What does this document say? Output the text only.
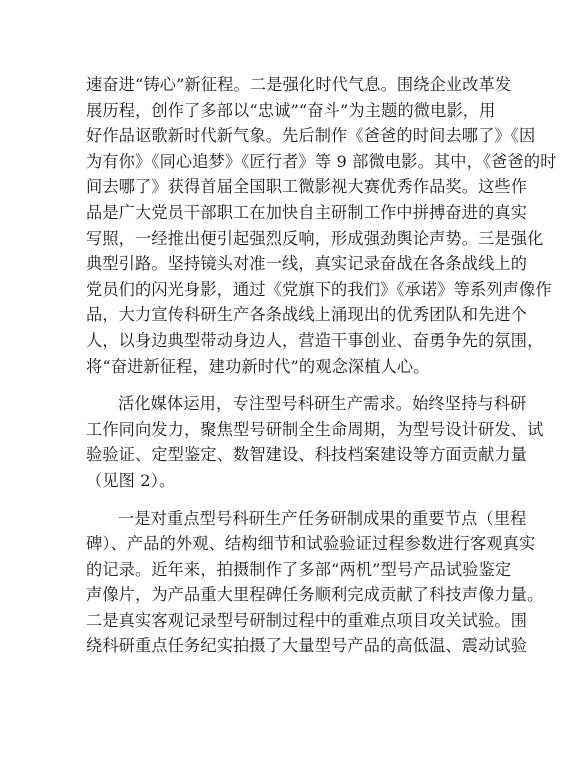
速奋进“铸心”新征程。二是强化时代气息。围绕企业改革发
展历程，创作了多部以“忠诚”“奋斗”为主题的微电影，用
好作品讴歌新时代新气象。先后制作《爸爸的时间去哪了》《因
为有你》《同心追梦》《匠行者》等 9 部微电影。其中，《爸爸的时
间去哪了》获得首届全国职工微影视大赛优秀作品奖。这些作
品是广大党员干部职工在加快自主研制工作中拼搏奋进的真实
写照，一经推出便引起强烈反响，形成强劲舆论声势。三是强化
典型引路。坚持镜头对准一线，真实记录奋战在各条战线上的
党员们的闪光身影，通过《党旗下的我们》《承诺》等系列声像作
品，大力宣传科研生产各条战线上涌现出的优秀团队和先进个
人，以身边典型带动身边人，营造干事创业、奋勇争先的氛围，
将“奋进新征程，建功新时代”的观念深植人心。
活化媒体运用，专注型号科研生产需求。始终坚持与科研
工作同向发力，聚焦型号研制全生命周期，为型号设计研发、试
验验证、定型鉴定、数智建设、科技档案建设等方面贡献力量
（见图 2）。
一是对重点型号科研生产任务研制成果的重要节点（里程
碑）、产品的外观、结构细节和试验验证过程参数进行客观真实
的记录。近年来，拍摄制作了多部“两机”型号产品试验鉴定
声像片，为产品重大里程碑任务顺利完成贡献了科技声像力量。
二是真实客观记录型号研制过程中的重难点项目攻关试验。围
绕科研重点任务纪实拍摄了大量型号产品的高低温、震动试验
